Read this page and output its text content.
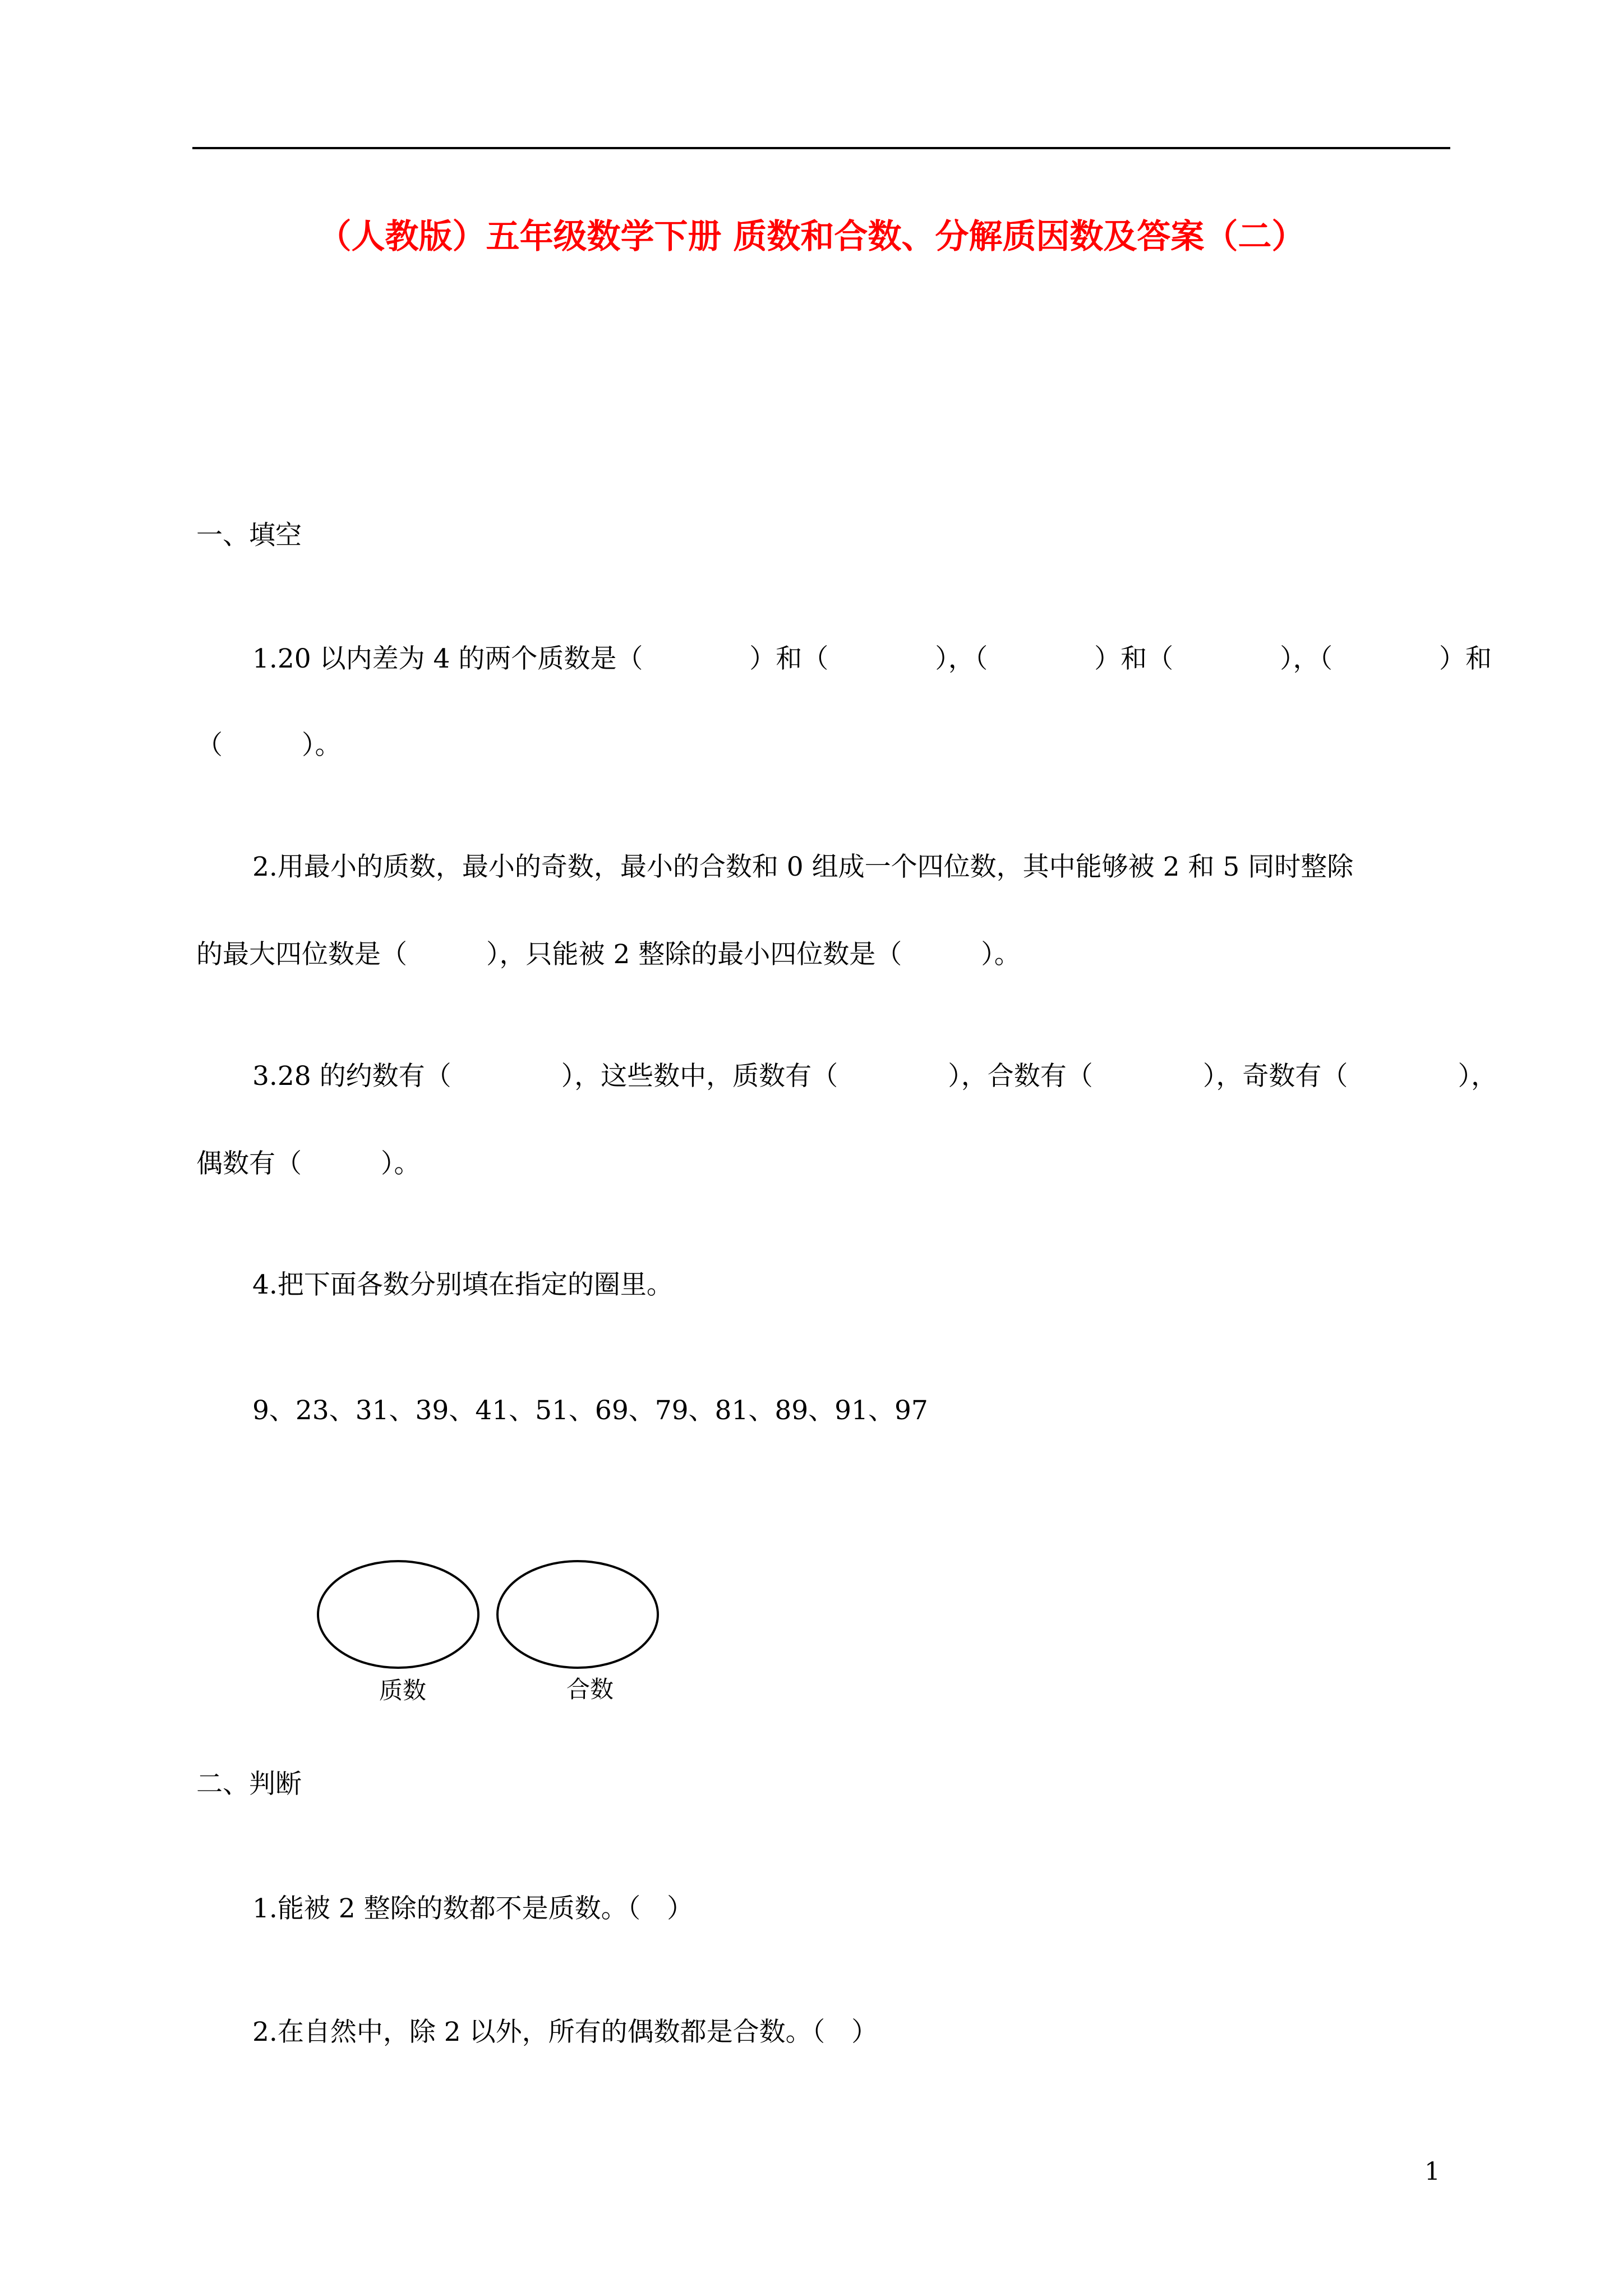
（人教版）五年级数学下册 质数和合数、分解质因数及答案（二）
一、填空
1.20 以内差为 4 的两个质数是（	）和（	），（	）和（	），（	）和
（　　　）。
2.用最小的质数，最小的奇数，最小的合数和 0 组成一个四位数，其中能够被 2 和 5 同时整除
的最大四位数是（　　　），只能被 2 整除的最小四位数是（　　　）。
3.28 的约数有（	），这些数中，质数有（	），合数有（	），奇数有（	），
偶数有（　　　）。
4.把下面各数分别填在指定的圈里。
9、23、31、39、41、51、69、79、81、89、91、97
质数	合数
二、判断
1.能被 2 整除的数都不是质数。（　）
2.在自然中，除 2 以外，所有的偶数都是合数。（　）
1
